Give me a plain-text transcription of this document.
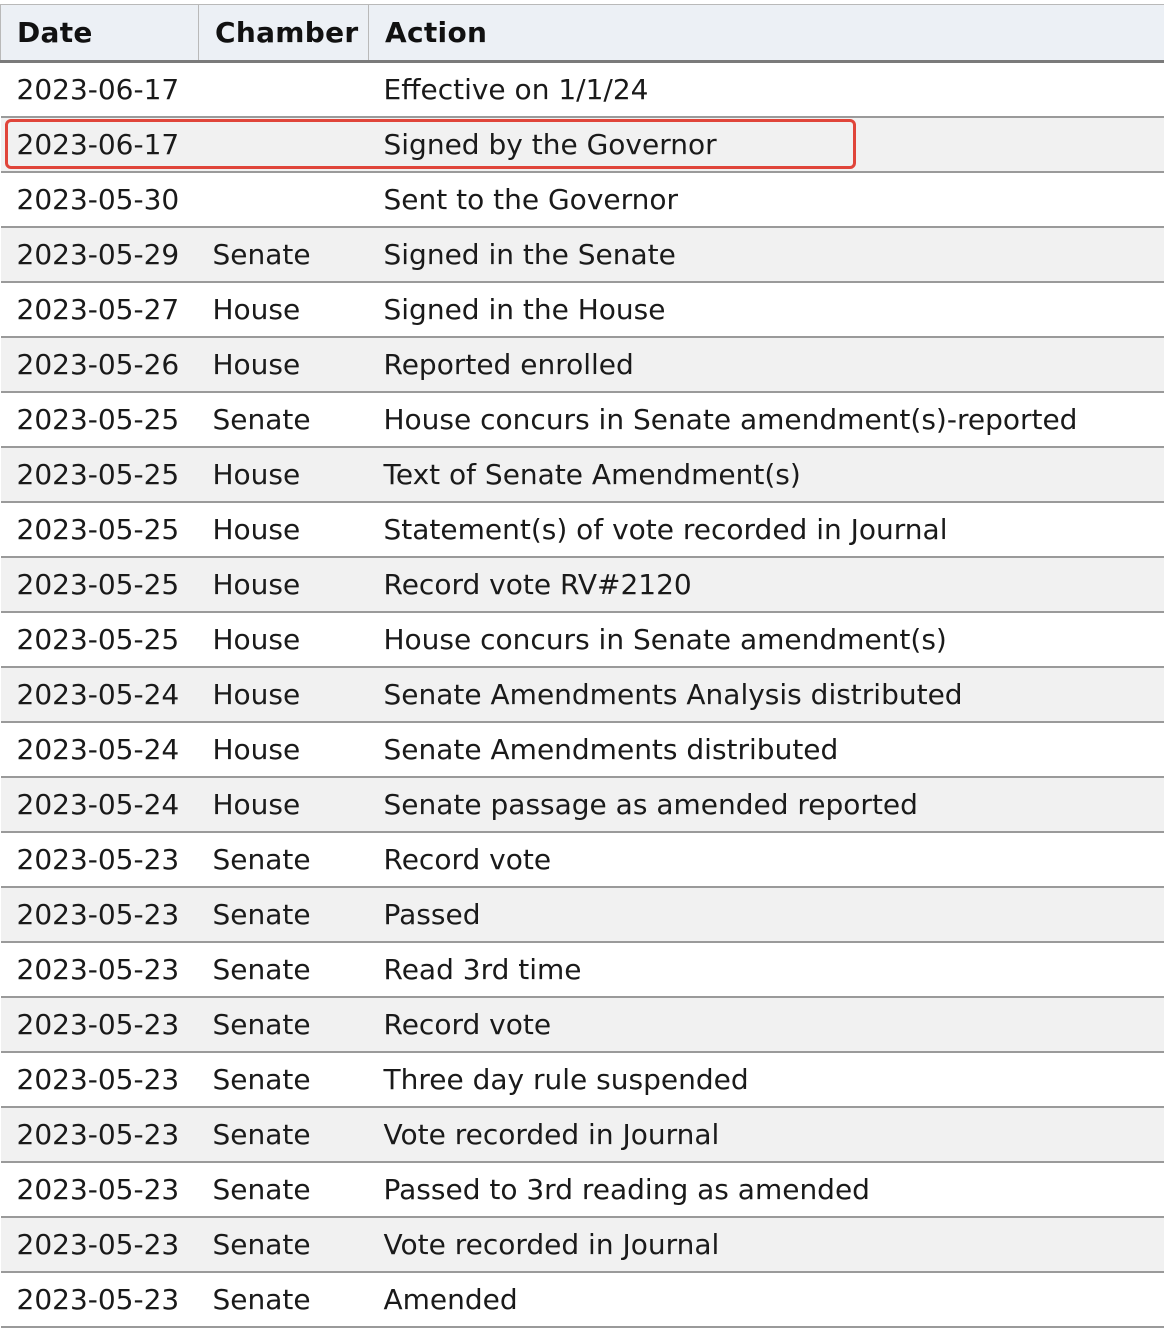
Date	Chamber	Action
2023-06-17		Effective on 1/1/24
2023-06-17		Signed by the Governor
2023-05-30		Sent to the Governor
2023-05-29	Senate	Signed in the Senate
2023-05-27	House	Signed in the House
2023-05-26	House	Reported enrolled
2023-05-25	Senate	House concurs in Senate amendment(s)-reported
2023-05-25	House	Text of Senate Amendment(s)
2023-05-25	House	Statement(s) of vote recorded in Journal
2023-05-25	House	Record vote RV#2120
2023-05-25	House	House concurs in Senate amendment(s)
2023-05-24	House	Senate Amendments Analysis distributed
2023-05-24	House	Senate Amendments distributed
2023-05-24	House	Senate passage as amended reported
2023-05-23	Senate	Record vote
2023-05-23	Senate	Passed
2023-05-23	Senate	Read 3rd time
2023-05-23	Senate	Record vote
2023-05-23	Senate	Three day rule suspended
2023-05-23	Senate	Vote recorded in Journal
2023-05-23	Senate	Passed to 3rd reading as amended
2023-05-23	Senate	Vote recorded in Journal
2023-05-23	Senate	Amended
